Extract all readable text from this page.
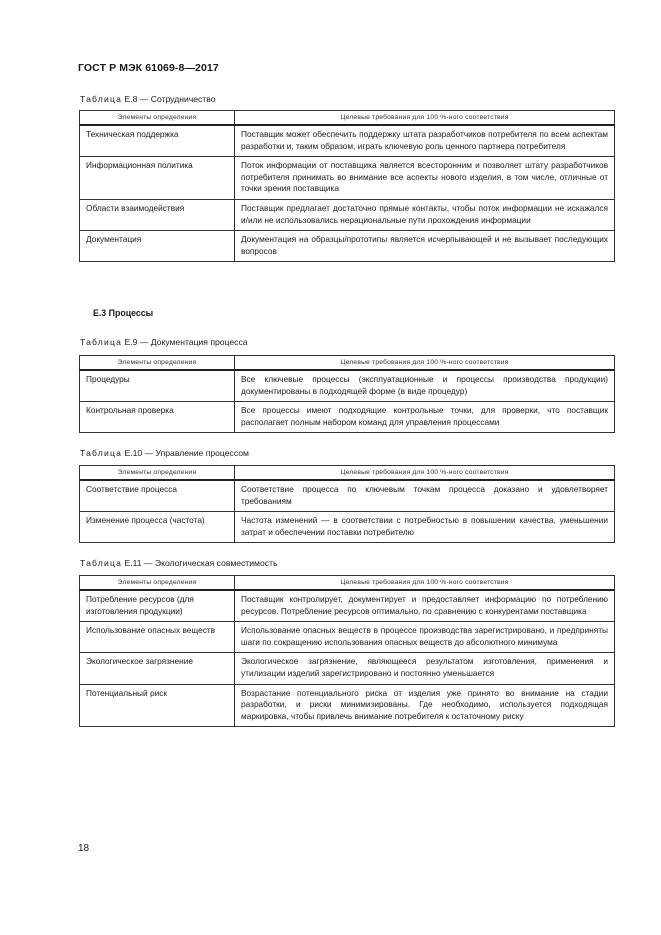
ГОСТ Р МЭК 61069-8—2017
Таблица Е.8 — Сотрудничество
Элементы определения	Целевые требования для 100 %-ного соответствия
Техническая поддержка	Поставщик может обеспечить поддержку штата разработчиков потребителя по всем аспектам разработки и, таким образом, играть ключевую роль ценного партнера потребителя
Информационная политика	Поток информации от поставщика является всесторонним и позволяет штату разработчиков потребителя принимать во внимание все аспекты нового изделия, в том числе, отличные от точки зрения поставщика
Области взаимодействия	Поставщик предлагает достаточно прямые контакты, чтобы поток информации не искажался и/или не использовались нерациональные пути прохождения информации
Документация	Документация на образцы/прототипы является исчерпывающей и не вызывает последующих вопросов
Е.3 Процессы
Таблица Е.9 — Документация процесса
Элементы определения	Целевые требования для 100 %-ного соответствия
Процедуры	Все ключевые процессы (эксплуатационные и процессы производства продукции) документированы в подходящей форме (в виде процедур)
Контрольная проверка	Все процессы имеют подходящие контрольные точки, для проверки, что поставщик располагает полным набором команд для управления процессами
Таблица Е.10 — Управление процессом
Элементы определения	Целевые требования для 100 %-ного соответствия
Соответствие процесса	Соответствие процесса по ключевым точкам процесса доказано и удовлетворяет требованиям
Изменение процесса (частота)	Частота изменений — в соответствии с потребностью в повышении качества, уменьшении затрат и обеспечении поставки потребителю
Таблица Е.11 — Экологическая совместимость
Элементы определения	Целевые требования для 100 %-ного соответствия
Потребление ресурсов (для изготовления продукции)	Поставщик контролирует, документирует и предоставляет информацию по потреблению ресурсов. Потребление ресурсов оптимально, по сравнению с конкурентами поставщика
Использование опасных веществ	Использование опасных веществ в процессе производства зарегистрировано, и предприняты шаги по сокращению использования опасных веществ до абсолютного минимума
Экологическое загрязнение	Экологическое загрязнение, являющееся результатом изготовления, применения и утилизации изделий зарегистрировано и постоянно уменьшается
Потенциальный риск	Возрастание потенциального риска от изделия уже принято во внимание на стадии разработки, и риски минимизированы. Где необходимо, используется подходящая маркировка, чтобы привлечь внимание потребителя к остаточному риску
18
